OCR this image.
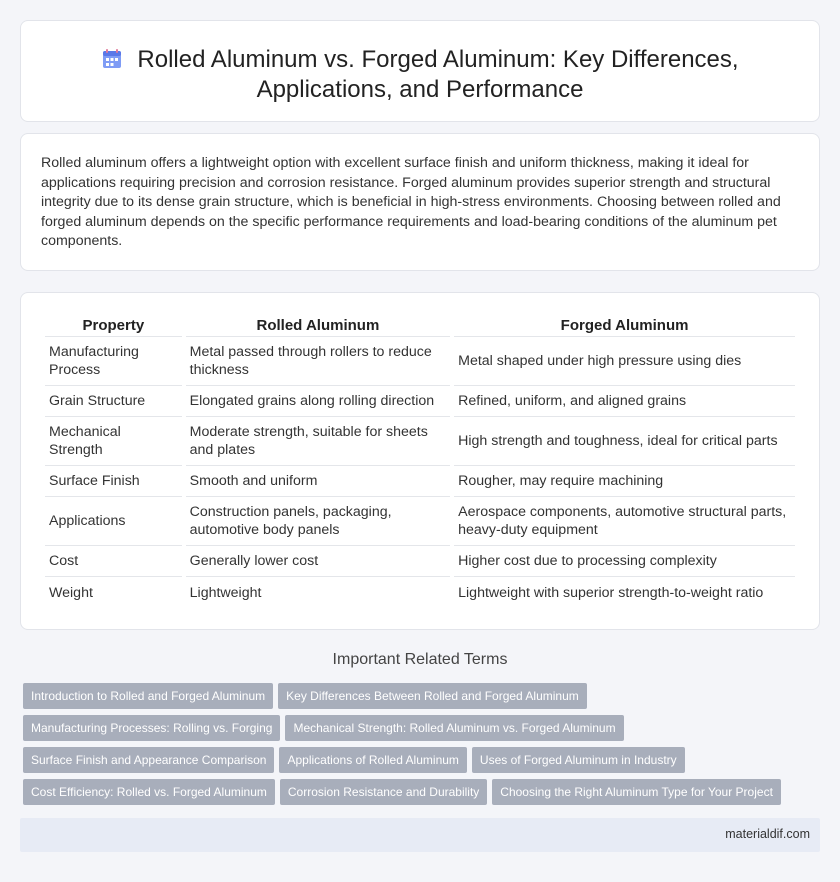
Rolled Aluminum vs. Forged Aluminum: Key Differences,
Applications, and Performance

Rolled aluminum offers a lightweight option with excellent surface finish and uniform thickness, making it ideal for applications requiring precision and corrosion resistance. Forged aluminum provides superior strength and structural integrity due to its dense grain structure, which is beneficial in high-stress environments. Choosing between rolled and forged aluminum depends on the specific performance requirements and load-bearing conditions of the aluminum pet components.

Property	Rolled Aluminum	Forged Aluminum
Manufacturing Process	Metal passed through rollers to reduce thickness	Metal shaped under high pressure using dies
Grain Structure	Elongated grains along rolling direction	Refined, uniform, and aligned grains
Mechanical Strength	Moderate strength, suitable for sheets and plates	High strength and toughness, ideal for critical parts
Surface Finish	Smooth and uniform	Rougher, may require machining
Applications	Construction panels, packaging, automotive body panels	Aerospace components, automotive structural parts, heavy-duty equipment
Cost	Generally lower cost	Higher cost due to processing complexity
Weight	Lightweight	Lightweight with superior strength-to-weight ratio
Important Related Terms
Introduction to Rolled and Forged Aluminum Key Differences Between Rolled and Forged Aluminum
Manufacturing Processes: Rolling vs. Forging Mechanical Strength: Rolled Aluminum vs. Forged Aluminum
Surface Finish and Appearance Comparison Applications of Rolled Aluminum Uses of Forged Aluminum in Industry
Cost Efficiency: Rolled vs. Forged Aluminum Corrosion Resistance and Durability Choosing the Right Aluminum Type for Your Project
materialdif.com
